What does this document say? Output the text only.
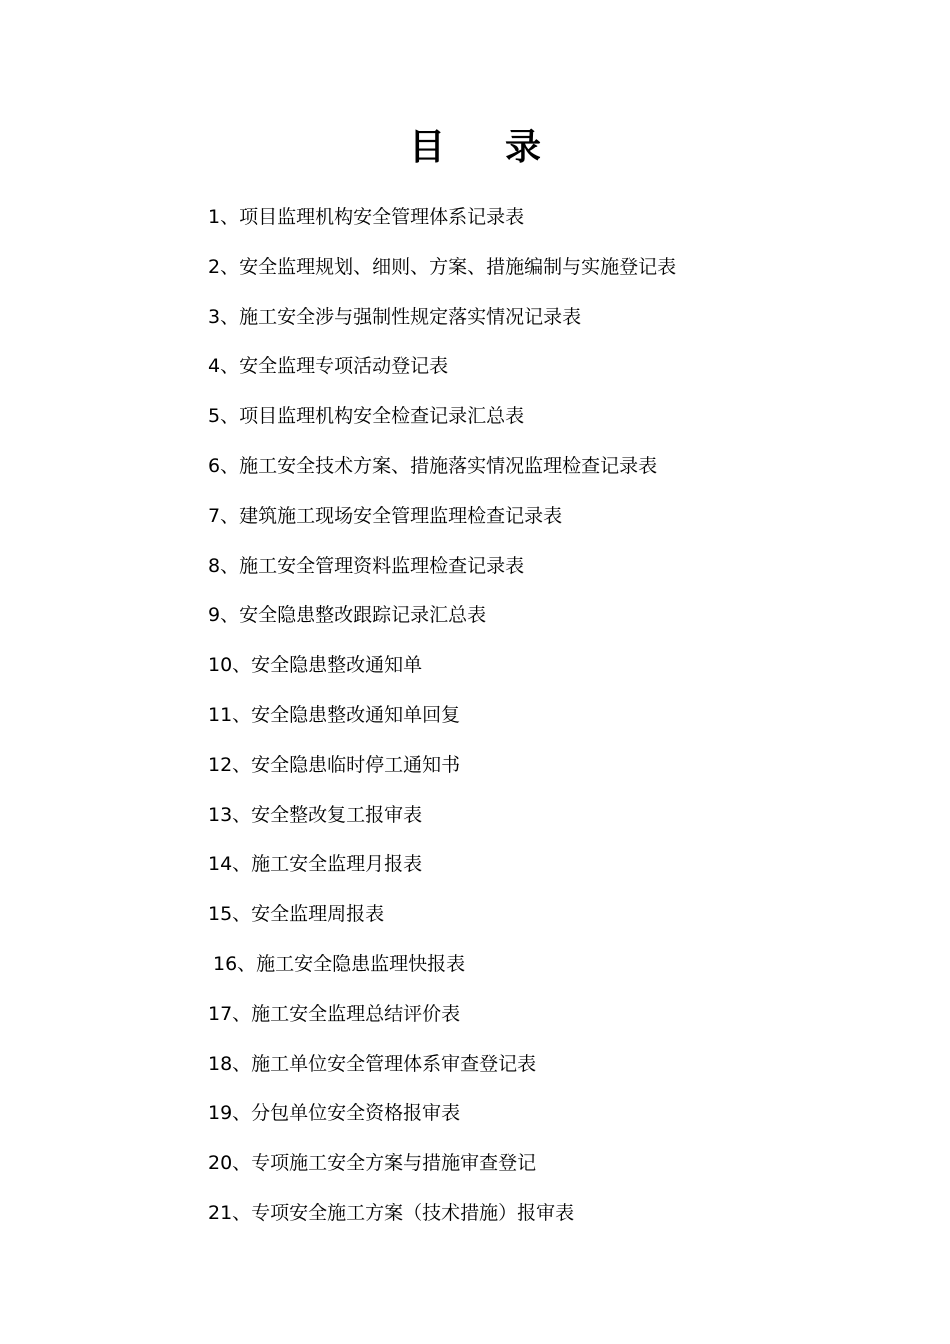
目录
1、项目监理机构安全管理体系记录表
2、安全监理规划、细则、方案、措施编制与实施登记表
3、施工安全涉与强制性规定落实情况记录表
4、安全监理专项活动登记表
5、项目监理机构安全检查记录汇总表
6、施工安全技术方案、措施落实情况监理检查记录表
7、建筑施工现场安全管理监理检查记录表
8、施工安全管理资料监理检查记录表
9、安全隐患整改跟踪记录汇总表
10、安全隐患整改通知单
11、安全隐患整改通知单回复
12、安全隐患临时停工通知书
13、安全整改复工报审表
14、施工安全监理月报表
15、安全监理周报表
16、施工安全隐患监理快报表
17、施工安全监理总结评价表
18、施工单位安全管理体系审查登记表
19、分包单位安全资格报审表
20、专项施工安全方案与措施审查登记
21、专项安全施工方案（技术措施）报审表
